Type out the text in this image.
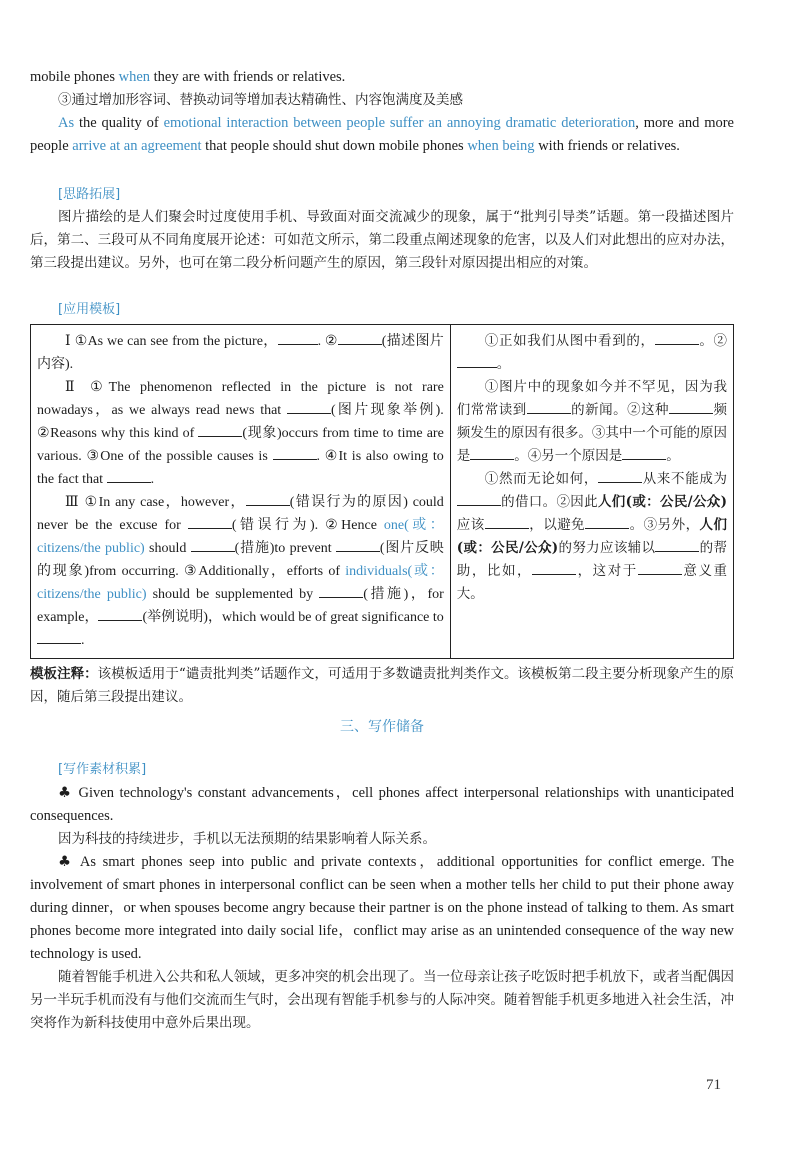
mobile phones when they are with friends or relatives.

③通过增加形容词、替换动词等增加表达精确性、内容饱满度及美感

As the quality of emotional interaction between people suffer an annoying dramatic deterioration, more and more people arrive at an agreement that people should shut down mobile phones when being with friends or relatives.

[思路拓展]

图片描绘的是人们聚会时过度使用手机、导致面对面交流减少的现象，属于“批判引导类”话题。第一段描述图片后，第二、三段可从不同角度展开论述：可如范文所示，第二段重点阐述现象的危害，以及人们对此想出的应对办法，第三段提出建议。另外，也可在第二段分析问题产生的原因，第三段针对原因提出相应的对策。

[应用模板]

Ⅰ ①As we can see from the picture，	. ②	(描述图片内容).

Ⅱ ①The phenomenon reflected in the picture is not rare nowadays，as we always read news that	(图片现象举例). ②Reasons why this kind of	(现象)occurs from time to time are various. ③One of the possible causes is	. ④It is also owing to the fact that	.

Ⅲ ①In any case，however，	(错误行为的原因) could never be the excuse for	(错误行为). ②Hence one(或：citizens/the public) should	(措施)to prevent	(图片反映的现象)from occurring. ③Additionally，efforts of individuals(或：citizens/the public) should be supplemented by	(措施)，for example，	(举例说明)，which would be of great significance to .

①正如我们从图中看到的，	。②。

①图片中的现象如今并不罕见，因为我们常常读到	的新闻。②这种	频频发生的原因有很多。③其中一个可能的原因是	。④另一个原因是	。

①然而无论如何，	从来不能成为的借口。②因此人们(或：公民/公众)应该	，以避免	。③另外，人们(或：公民/公众)的努力应该辅以	的帮助，比如，	，这对于	意义重大。

模板注释：该模板适用于“谴责批判类”话题作文，可适用于多数谴责批判类作文。该模板第二段主要分析现象产生的原因，随后第三段提出建议。

三、写作储备
[写作素材积累]

♣ Given technology's constant advancements，cell phones affect interpersonal relationships with unanticipated consequences.

因为科技的持续进步，手机以无法预期的结果影响着人际关系。

♣ As smart phones seep into public and private contexts，additional opportunities for conflict emerge. The involvement of smart phones in interpersonal conflict can be seen when a mother tells her child to put their phone away during dinner，or when spouses become angry because their partner is on the phone instead of talking to them. As smart phones become more integrated into daily social life，conflict may arise as an unintended consequence of the way new technology is used.

随着智能手机进入公共和私人领域，更多冲突的机会出现了。当一位母亲让孩子吃饭时把手机放下，或者当配偶因另一半玩手机而没有与他们交流而生气时，会出现有智能手机参与的人际冲突。随着智能手机更多地进入社会生活，冲突将作为新科技使用中意外后果出现。

71
